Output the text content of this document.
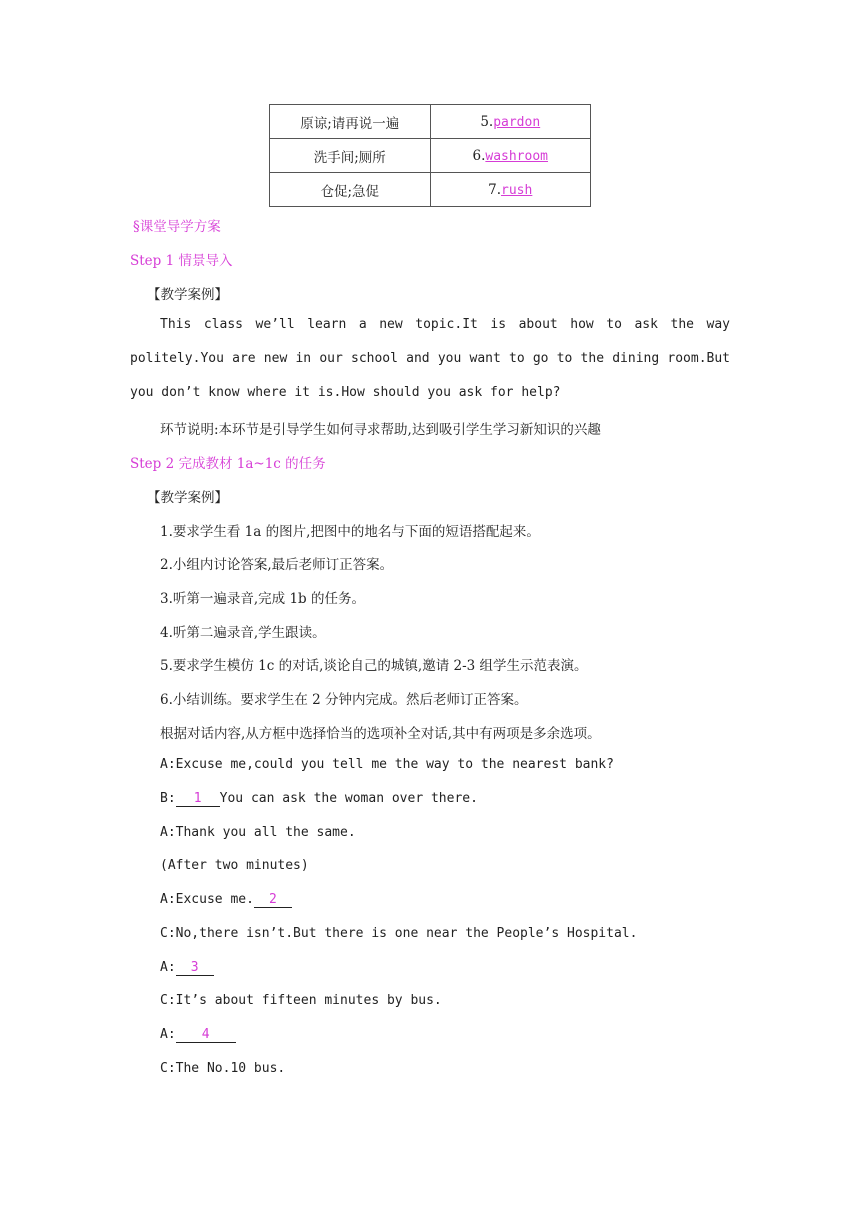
原谅;请再说一遍	5.pardon
洗手间;厕所	6.washroom
仓促;急促	7.rush
§课堂导学方案
Step 1 情景导入
【教学案例】
This class we’ll learn a new topic.It is about how to ask the way politely.You are new in our school and you want to go to the dining room.But you don’t know where it is.How should you ask for help?
环节说明:本环节是引导学生如何寻求帮助,达到吸引学生学习新知识的兴趣
Step 2 完成教材 1a~1c 的任务
【教学案例】
1.要求学生看 1a 的图片,把图中的地名与下面的短语搭配起来。
2.小组内讨论答案,最后老师订正答案。
3.听第一遍录音,完成 1b 的任务。
4.听第二遍录音,学生跟读。
5.要求学生模仿 1c 的对话,谈论自己的城镇,邀请 2-3 组学生示范表演。
6.小结训练。要求学生在 2 分钟内完成。然后老师订正答案。
根据对话内容,从方框中选择恰当的选项补全对话,其中有两项是多余选项。
A:Excuse me,could you tell me the way to the nearest bank?
B: 1 You can ask the woman over there.
A:Thank you all the same.
(After two minutes)
A:Excuse me. 2
C:No,there isn’t.But there is one near the People’s Hospital.
A: 3
C:It’s about fifteen minutes by bus.
A: 4
C:The No.10 bus.
